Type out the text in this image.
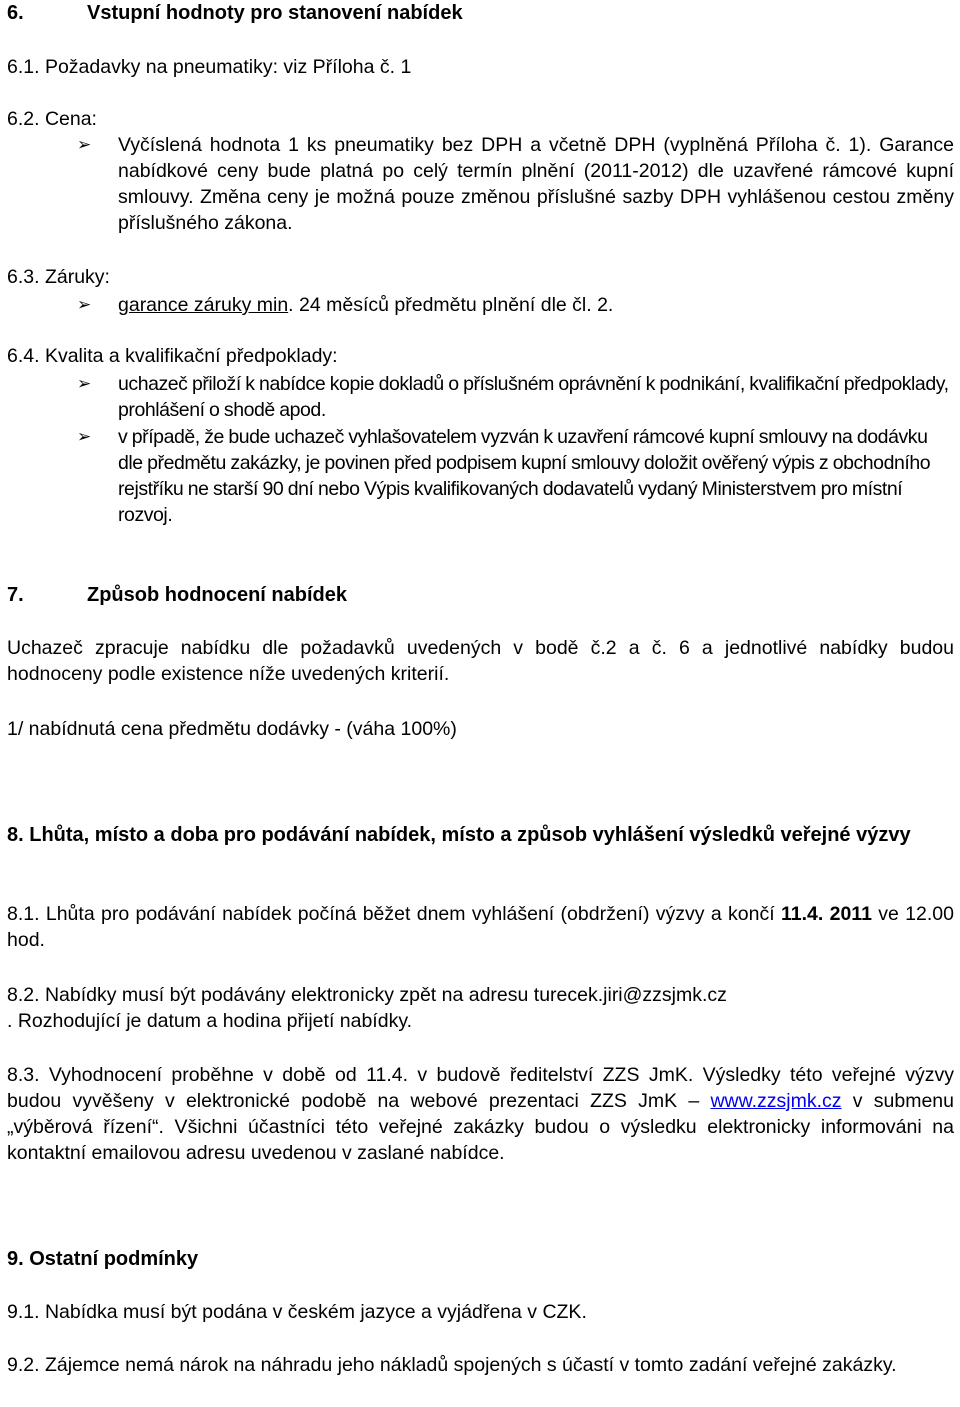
6.	Vstupní hodnoty pro stanovení nabídek
6.1. Požadavky na pneumatiky: viz Příloha č. 1
6.2. Cena:
➢	Vyčíslená hodnota 1 ks pneumatiky bez DPH a včetně DPH (vyplněná Příloha č. 1). Garance nabídkové ceny bude platná po celý termín plnění (2011-2012) dle uzavřené rámcové kupní smlouvy. Změna ceny je možná pouze změnou příslušné sazby DPH vyhlášenou cestou změny příslušného zákona.
6.3. Záruky:
➢	garance záruky min. 24 měsíců předmětu plnění dle čl. 2.
6.4. Kvalita a kvalifikační předpoklady:
➢	uchazeč přiloží k nabídce kopie dokladů o příslušném oprávnění k podnikání, kvalifikační předpoklady, prohlášení o shodě apod.
➢	v případě, že bude uchazeč vyhlašovatelem vyzván k uzavření rámcové kupní smlouvy na dodávku dle předmětu zakázky, je povinen před podpisem kupní smlouvy doložit ověřený výpis z obchodního rejstříku ne starší 90 dní nebo Výpis kvalifikovaných dodavatelů vydaný Ministerstvem pro místní rozvoj.
7.	Způsob hodnocení nabídek
Uchazeč zpracuje nabídku dle požadavků uvedených v bodě č.2 a č. 6 a jednotlivé nabídky budou hodnoceny podle existence níže uvedených kriterií.
1/ nabídnutá cena předmětu dodávky - (váha 100%)
8. Lhůta, místo a doba pro podávání nabídek, místo a způsob vyhlášení výsledků veřejné výzvy
8.1. Lhůta pro podávání nabídek počíná běžet dnem vyhlášení (obdržení) výzvy a končí 11.4. 2011 ve 12.00 hod.
8.2. Nabídky musí být podávány elektronicky zpět na adresu turecek.jiri@zzsjmk.cz
. Rozhodující je datum a hodina přijetí nabídky.
8.3. Vyhodnocení proběhne v době od 11.4. v budově ředitelství ZZS JmK. Výsledky této veřejné výzvy budou vyvěšeny v elektronické podobě na webové prezentaci ZZS JmK – www.zzsjmk.cz v submenu „výběrová řízení“. Všichni účastníci této veřejné zakázky budou o výsledku elektronicky informováni na kontaktní emailovou adresu uvedenou v zaslané nabídce.
9. Ostatní podmínky
9.1. Nabídka musí být podána v českém jazyce a vyjádřena v CZK.
9.2. Zájemce nemá nárok na náhradu jeho nákladů spojených s účastí v tomto zadání veřejné zakázky.
